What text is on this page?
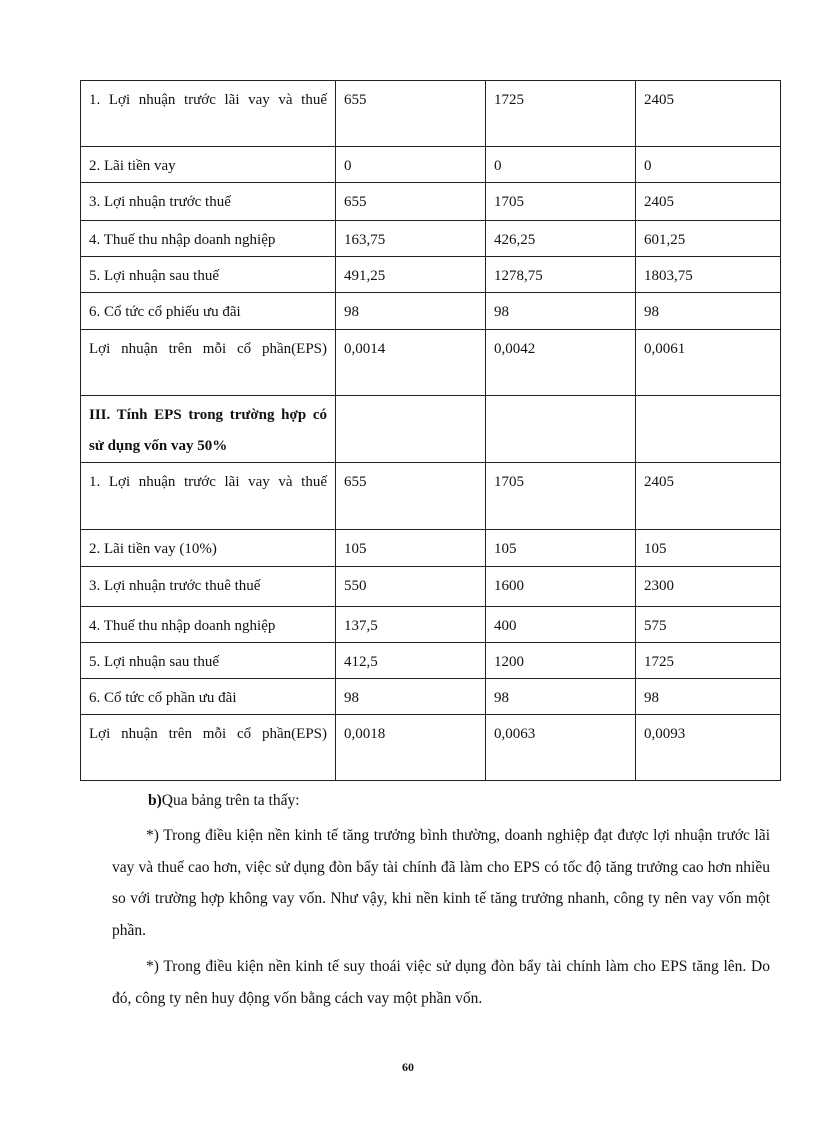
1. Lợi nhuận trước lãi vay và thuế	655	1725	2405
2. Lãi tiền vay	0	0	0
3. Lợi nhuận trước thuế	655	1705	2405
4. Thuế thu nhập doanh nghiệp	163,75	426,25	601,25
5. Lợi nhuận sau thuế	491,25	1278,75	1803,75
6. Cổ tức cổ phiếu ưu đãi	98	98	98
Lợi nhuận trên mỗi cổ phần(EPS)	0,0014	0,0042	0,0061
III. Tính EPS trong trường hợp có sử dụng vốn vay 50%			
1. Lợi nhuận trước lãi vay và thuế	655	1705	2405
2. Lãi tiền vay (10%)	105	105	105
3. Lợi nhuận trước thuê thuế	550	1600	2300
4. Thuế thu nhập doanh nghiệp	137,5	400	575
5. Lợi nhuận sau thuế	412,5	1200	1725
6. Cổ tức cổ phần ưu đãi	98	98	98
Lợi nhuận trên mỗi cổ phần(EPS)	0,0018	0,0063	0,0093
b)Qua bảng trên ta thấy:
*) Trong điều kiện nền kinh tế tăng trưởng bình thường, doanh nghiệp đạt được lợi nhuận trước lãi vay và thuế cao hơn, việc sử dụng đòn bẩy tài chính đã làm cho EPS có tốc độ tăng trưởng cao hơn nhiều so với trường hợp không vay vốn. Như vậy, khi nền kinh tế tăng trưởng nhanh, công ty nên vay vốn một phần.
*) Trong điều kiện nền kinh tế suy thoái việc sử dụng đòn bẩy tài chính làm cho EPS tăng lên. Do đó, công ty nên huy động vốn bằng cách vay một phần vốn.
60
